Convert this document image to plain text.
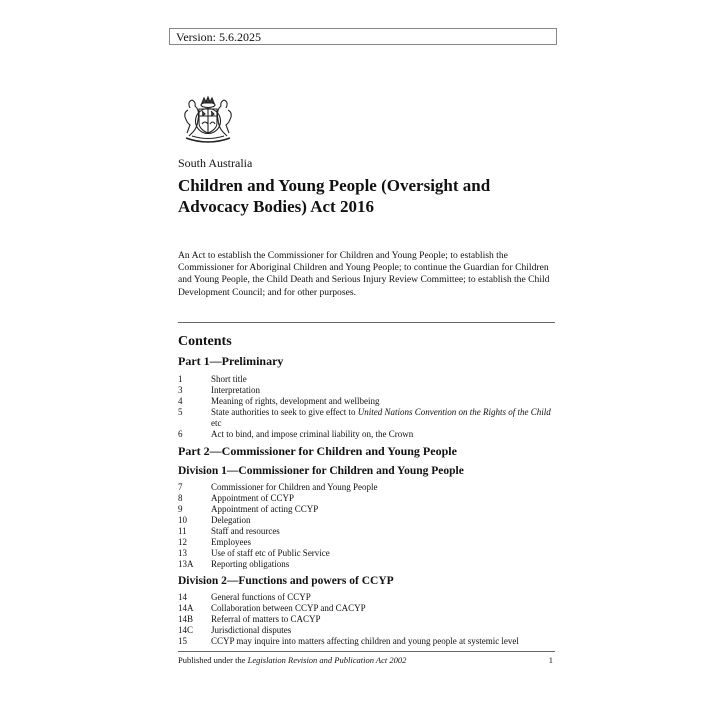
Version: 5.6.2025
South Australia
Children and Young People (Oversight and Advocacy Bodies) Act 2016

An Act to establish the Commissioner for Children and Young People; to establish the Commissioner for Aboriginal Children and Young People; to continue the Guardian for Children and Young People, the Child Death and Serious Injury Review Committee; to establish the Child Development Council; and for other purposes.

Contents
Part 1—Preliminary
1	Short title
3	Interpretation
4	Meaning of rights, development and wellbeing
5	State authorities to seek to give effect to United Nations Convention on the Rights of the Child etc
6	Act to bind, and impose criminal liability on, the Crown
Part 2—Commissioner for Children and Young People
Division 1—Commissioner for Children and Young People
7	Commissioner for Children and Young People
8	Appointment of CCYP
9	Appointment of acting CCYP
10	Delegation
11	Staff and resources
12	Employees
13	Use of staff etc of Public Service
13A	Reporting obligations
Division 2—Functions and powers of CCYP
14	General functions of CCYP
14A	Collaboration between CCYP and CACYP
14B	Referral of matters to CACYP
14C	Jurisdictional disputes
15	CCYP may inquire into matters affecting children and young people at systemic level
Published under the Legislation Revision and Publication Act 2002	1
